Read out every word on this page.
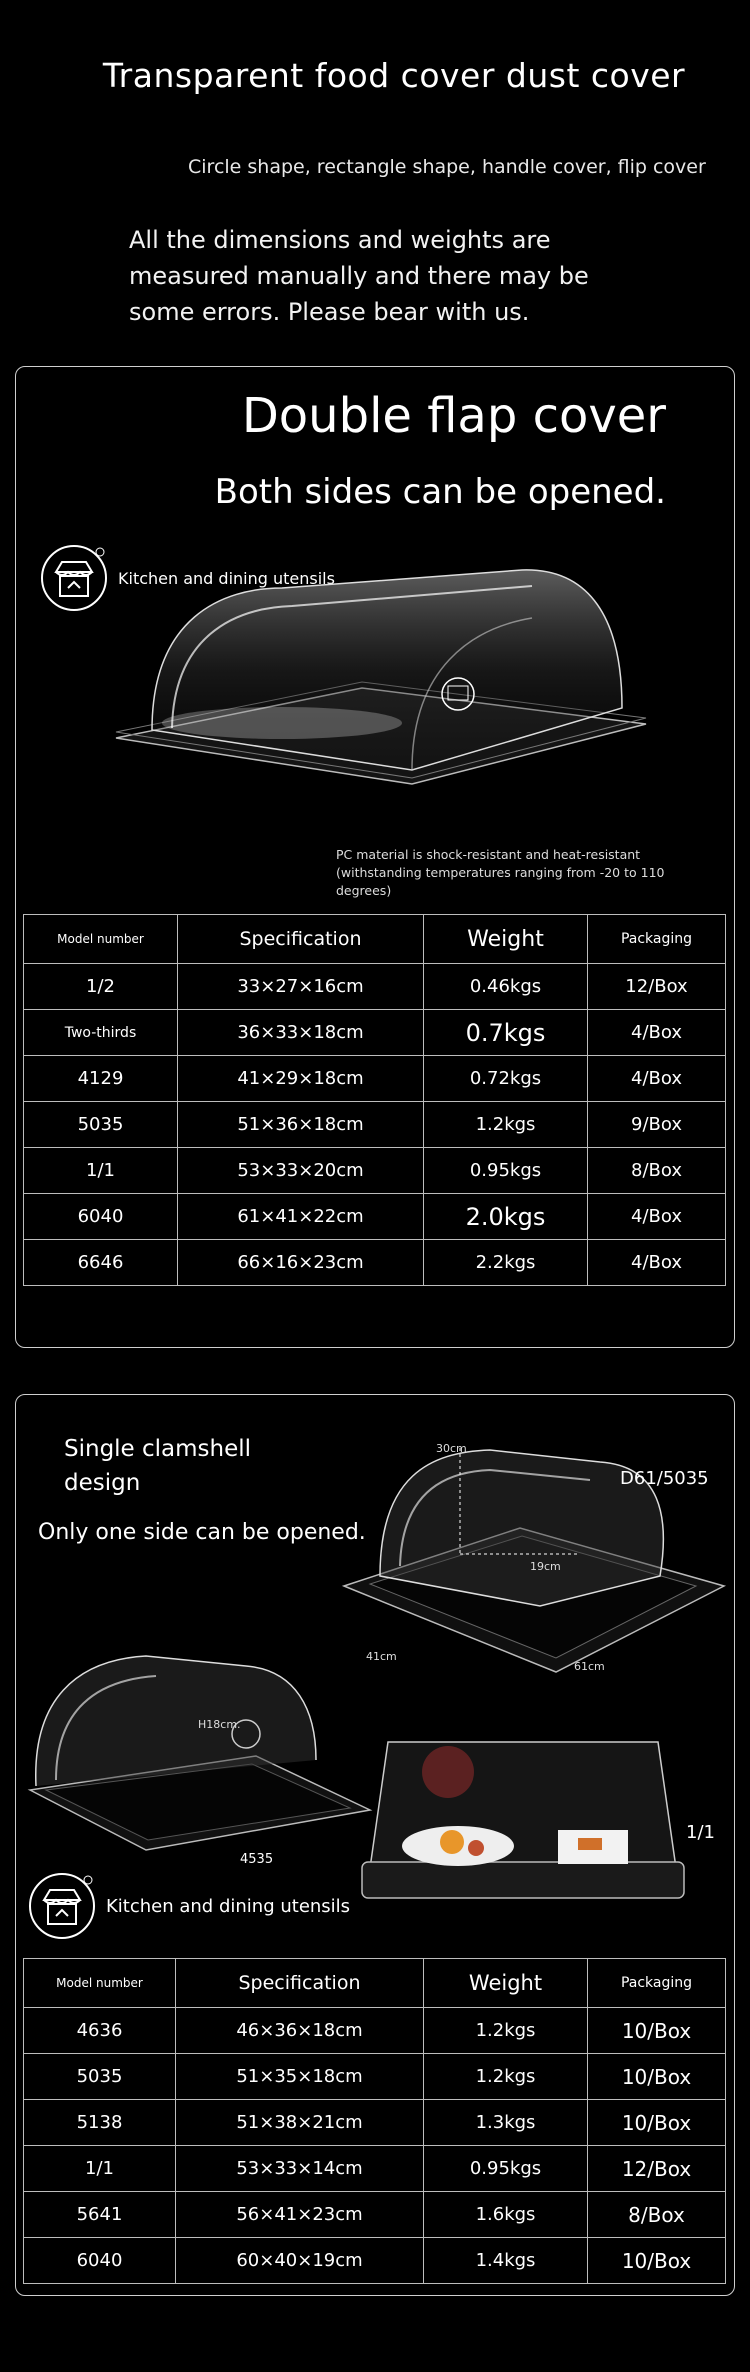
Transparent food cover dust cover
Circle shape, rectangle shape, handle cover, flip cover
All the dimensions and weights are measured manually and there may be some errors. Please bear with us.
Double flap cover
Both sides can be opened.
Kitchen and dining utensils
PC material is shock-resistant and heat-resistant (withstanding temperatures ranging from -20 to 110 degrees)
Model number	Specification	Weight	Packaging
1/2	33×27×16cm	0.46kgs	12/Box
Two-thirds	36×33×18cm	0.7kgs	4/Box
4129	41×29×18cm	0.72kgs	4/Box
5035	51×36×18cm	1.2kgs	9/Box
1/1	53×33×20cm	0.95kgs	8/Box
6040	61×41×22cm	2.0kgs	4/Box
6646	66×16×23cm	2.2kgs	4/Box
Single clamshell design
Only one side can be opened.
30cm
19cm
41cm
61cm
D61/5035
H18cm.
4535
1/1
Kitchen and dining utensils
Model number	Specification	Weight	Packaging
4636	46×36×18cm	1.2kgs	10/Box
5035	51×35×18cm	1.2kgs	10/Box
5138	51×38×21cm	1.3kgs	10/Box
1/1	53×33×14cm	0.95kgs	12/Box
5641	56×41×23cm	1.6kgs	8/Box
6040	60×40×19cm	1.4kgs	10/Box
